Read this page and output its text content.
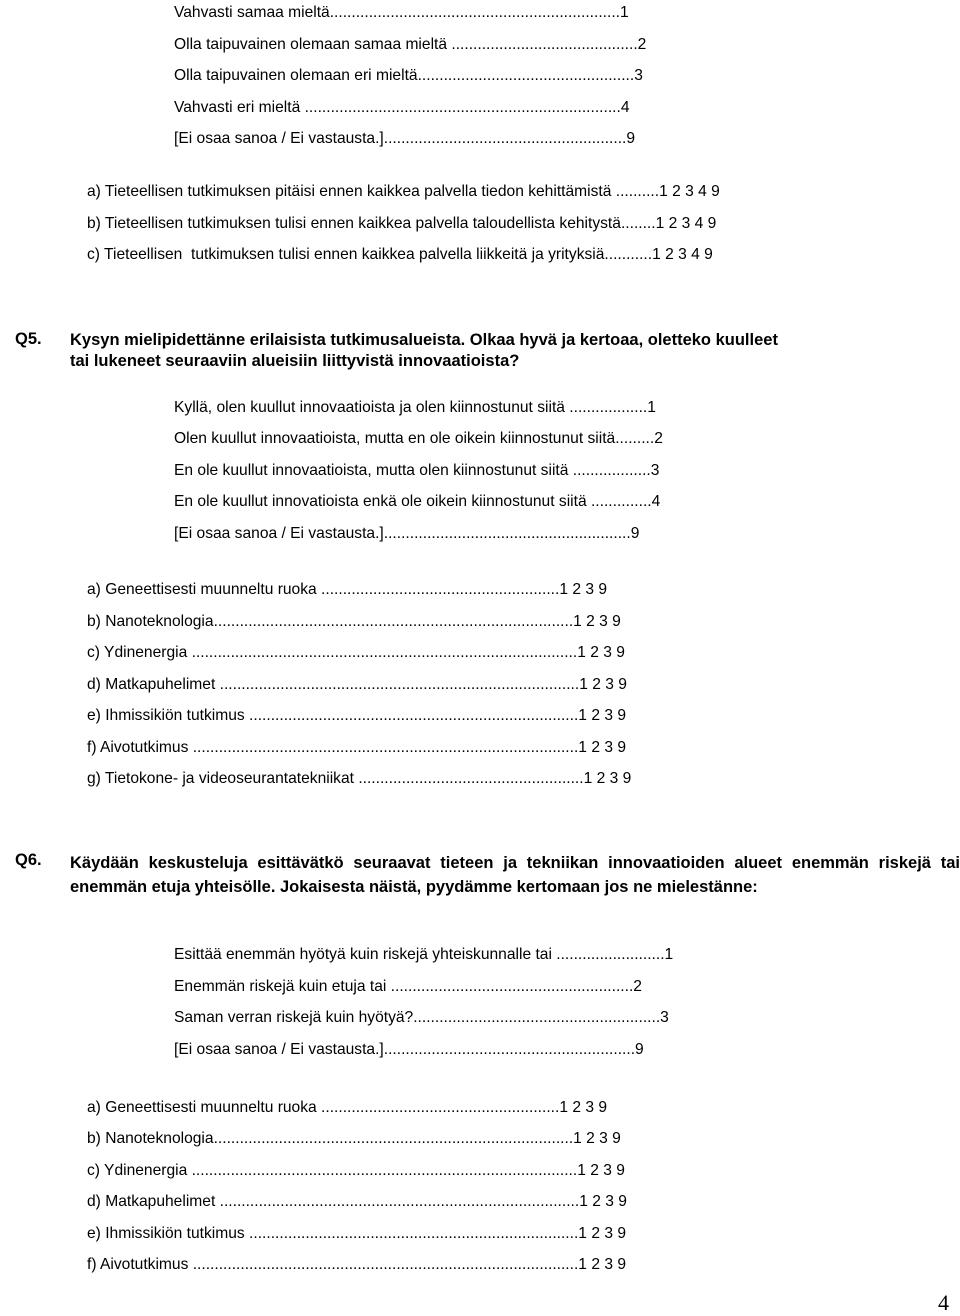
Vahvasti samaa mieltä...................................................................1
Olla taipuvainen olemaan samaa mieltä ...........................................2
Olla taipuvainen olemaan eri mieltä..................................................3
Vahvasti eri mieltä .........................................................................4
[Ei osaa sanoa / Ei vastausta.]........................................................9
a) Tieteellisen tutkimuksen pitäisi ennen kaikkea palvella tiedon kehittämistä ..........1 2 3 4 9
b) Tieteellisen tutkimuksen tulisi ennen kaikkea palvella taloudellista kehitystä........1 2 3 4 9
c) Tieteellisen  tutkimuksen tulisi ennen kaikkea palvella liikkeitä ja yrityksiä...........1 2 3 4 9
Q5. Kysyn mielipidettänne erilaisista tutkimusalueista. Olkaa hyvä ja kertoaa, oletteko kuulleet
tai lukeneet seuraaviin alueisiin liittyvistä innovaatioista?
Kyllä, olen kuullut innovaatioista ja olen kiinnostunut siitä ..................1
Olen kuullut innovaatioista, mutta en ole oikein kiinnostunut siitä.........2
En ole kuullut innovaatioista, mutta olen kiinnostunut siitä ..................3
En ole kuullut innovatioista enkä ole oikein kiinnostunut siitä ..............4
[Ei osaa sanoa / Ei vastausta.].........................................................9
a) Geneettisesti muunneltu ruoka .......................................................1 2 3 9
b) Nanoteknologia...................................................................................1 2 3 9
c) Ydinenergia .........................................................................................1 2 3 9
d) Matkapuhelimet ...................................................................................1 2 3 9
e) Ihmissikiön tutkimus ............................................................................1 2 3 9
f) Aivotutkimus .........................................................................................1 2 3 9
g) Tietokone- ja videoseurantatekniikat ....................................................1 2 3 9
Q6. Käydään keskusteluja esittävätkö seuraavat tieteen ja tekniikan innovaatioiden alueet enemmän riskejä tai enemmän etuja yhteisölle. Jokaisesta näistä, pyydämme kertomaan jos ne mielestänne:
Esittää enemmän hyötyä kuin riskejä yhteiskunnalle tai .........................1
Enemmän riskejä kuin etuja tai ........................................................2
Saman verran riskejä kuin hyötyä?.........................................................3
[Ei osaa sanoa / Ei vastausta.]..........................................................9
a) Geneettisesti muunneltu ruoka .......................................................1 2 3 9
b) Nanoteknologia...................................................................................1 2 3 9
c) Ydinenergia .........................................................................................1 2 3 9
d) Matkapuhelimet ...................................................................................1 2 3 9
e) Ihmissikiön tutkimus ............................................................................1 2 3 9
f) Aivotutkimus .........................................................................................1 2 3 9
4
